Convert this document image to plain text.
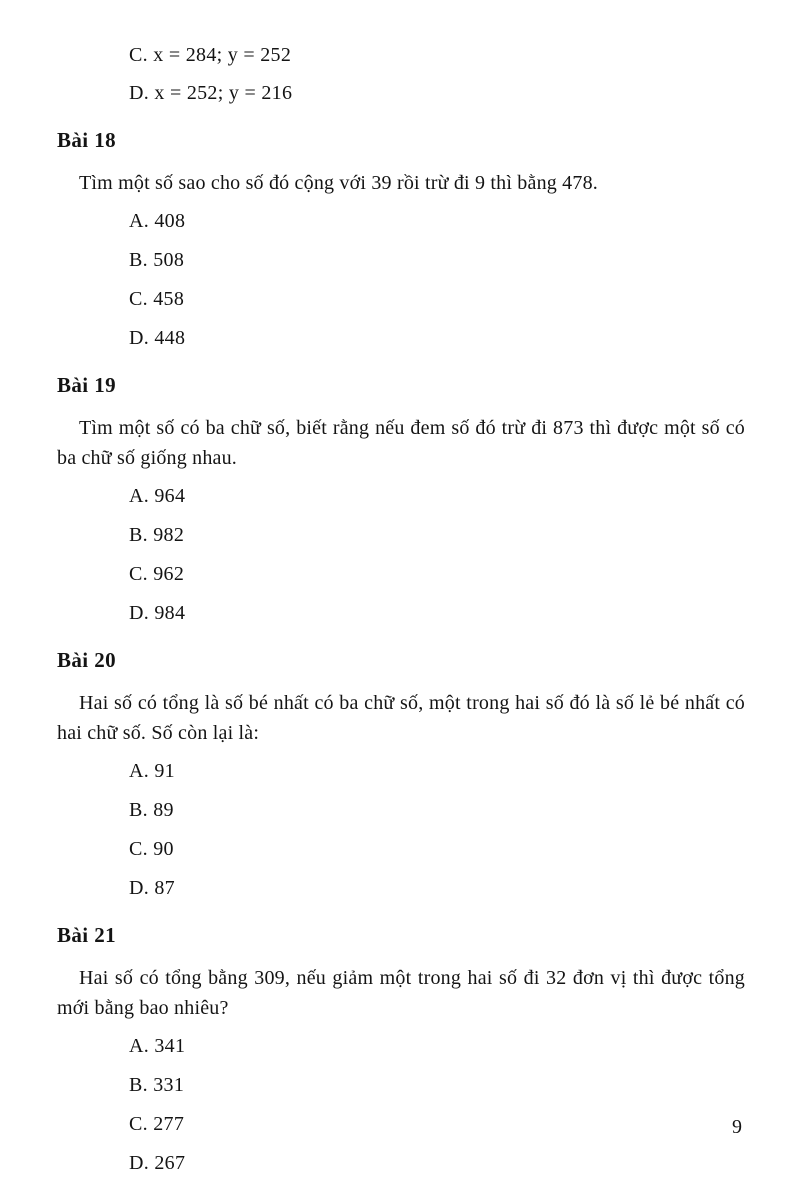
C. x = 284; y = 252
D. x = 252; y = 216
Bài 18

Tìm một số sao cho số đó cộng với 39 rồi trừ đi 9 thì bằng 478.

A. 408
B. 508
C. 458
D. 448
Bài 19

Tìm một số có ba chữ số, biết rằng nếu đem số đó trừ đi 873 thì được một số có ba chữ số giống nhau.

A. 964
B. 982
C. 962
D. 984
Bài 20

Hai số có tổng là số bé nhất có ba chữ số, một trong hai số đó là số lẻ bé nhất có hai chữ số. Số còn lại là:

A. 91
B. 89
C. 90
D. 87
Bài 21

Hai số có tổng bằng 309, nếu giảm một trong hai số đi 32 đơn vị thì được tổng mới bằng bao nhiêu?

A. 341
B. 331
C. 277
D. 267
9
